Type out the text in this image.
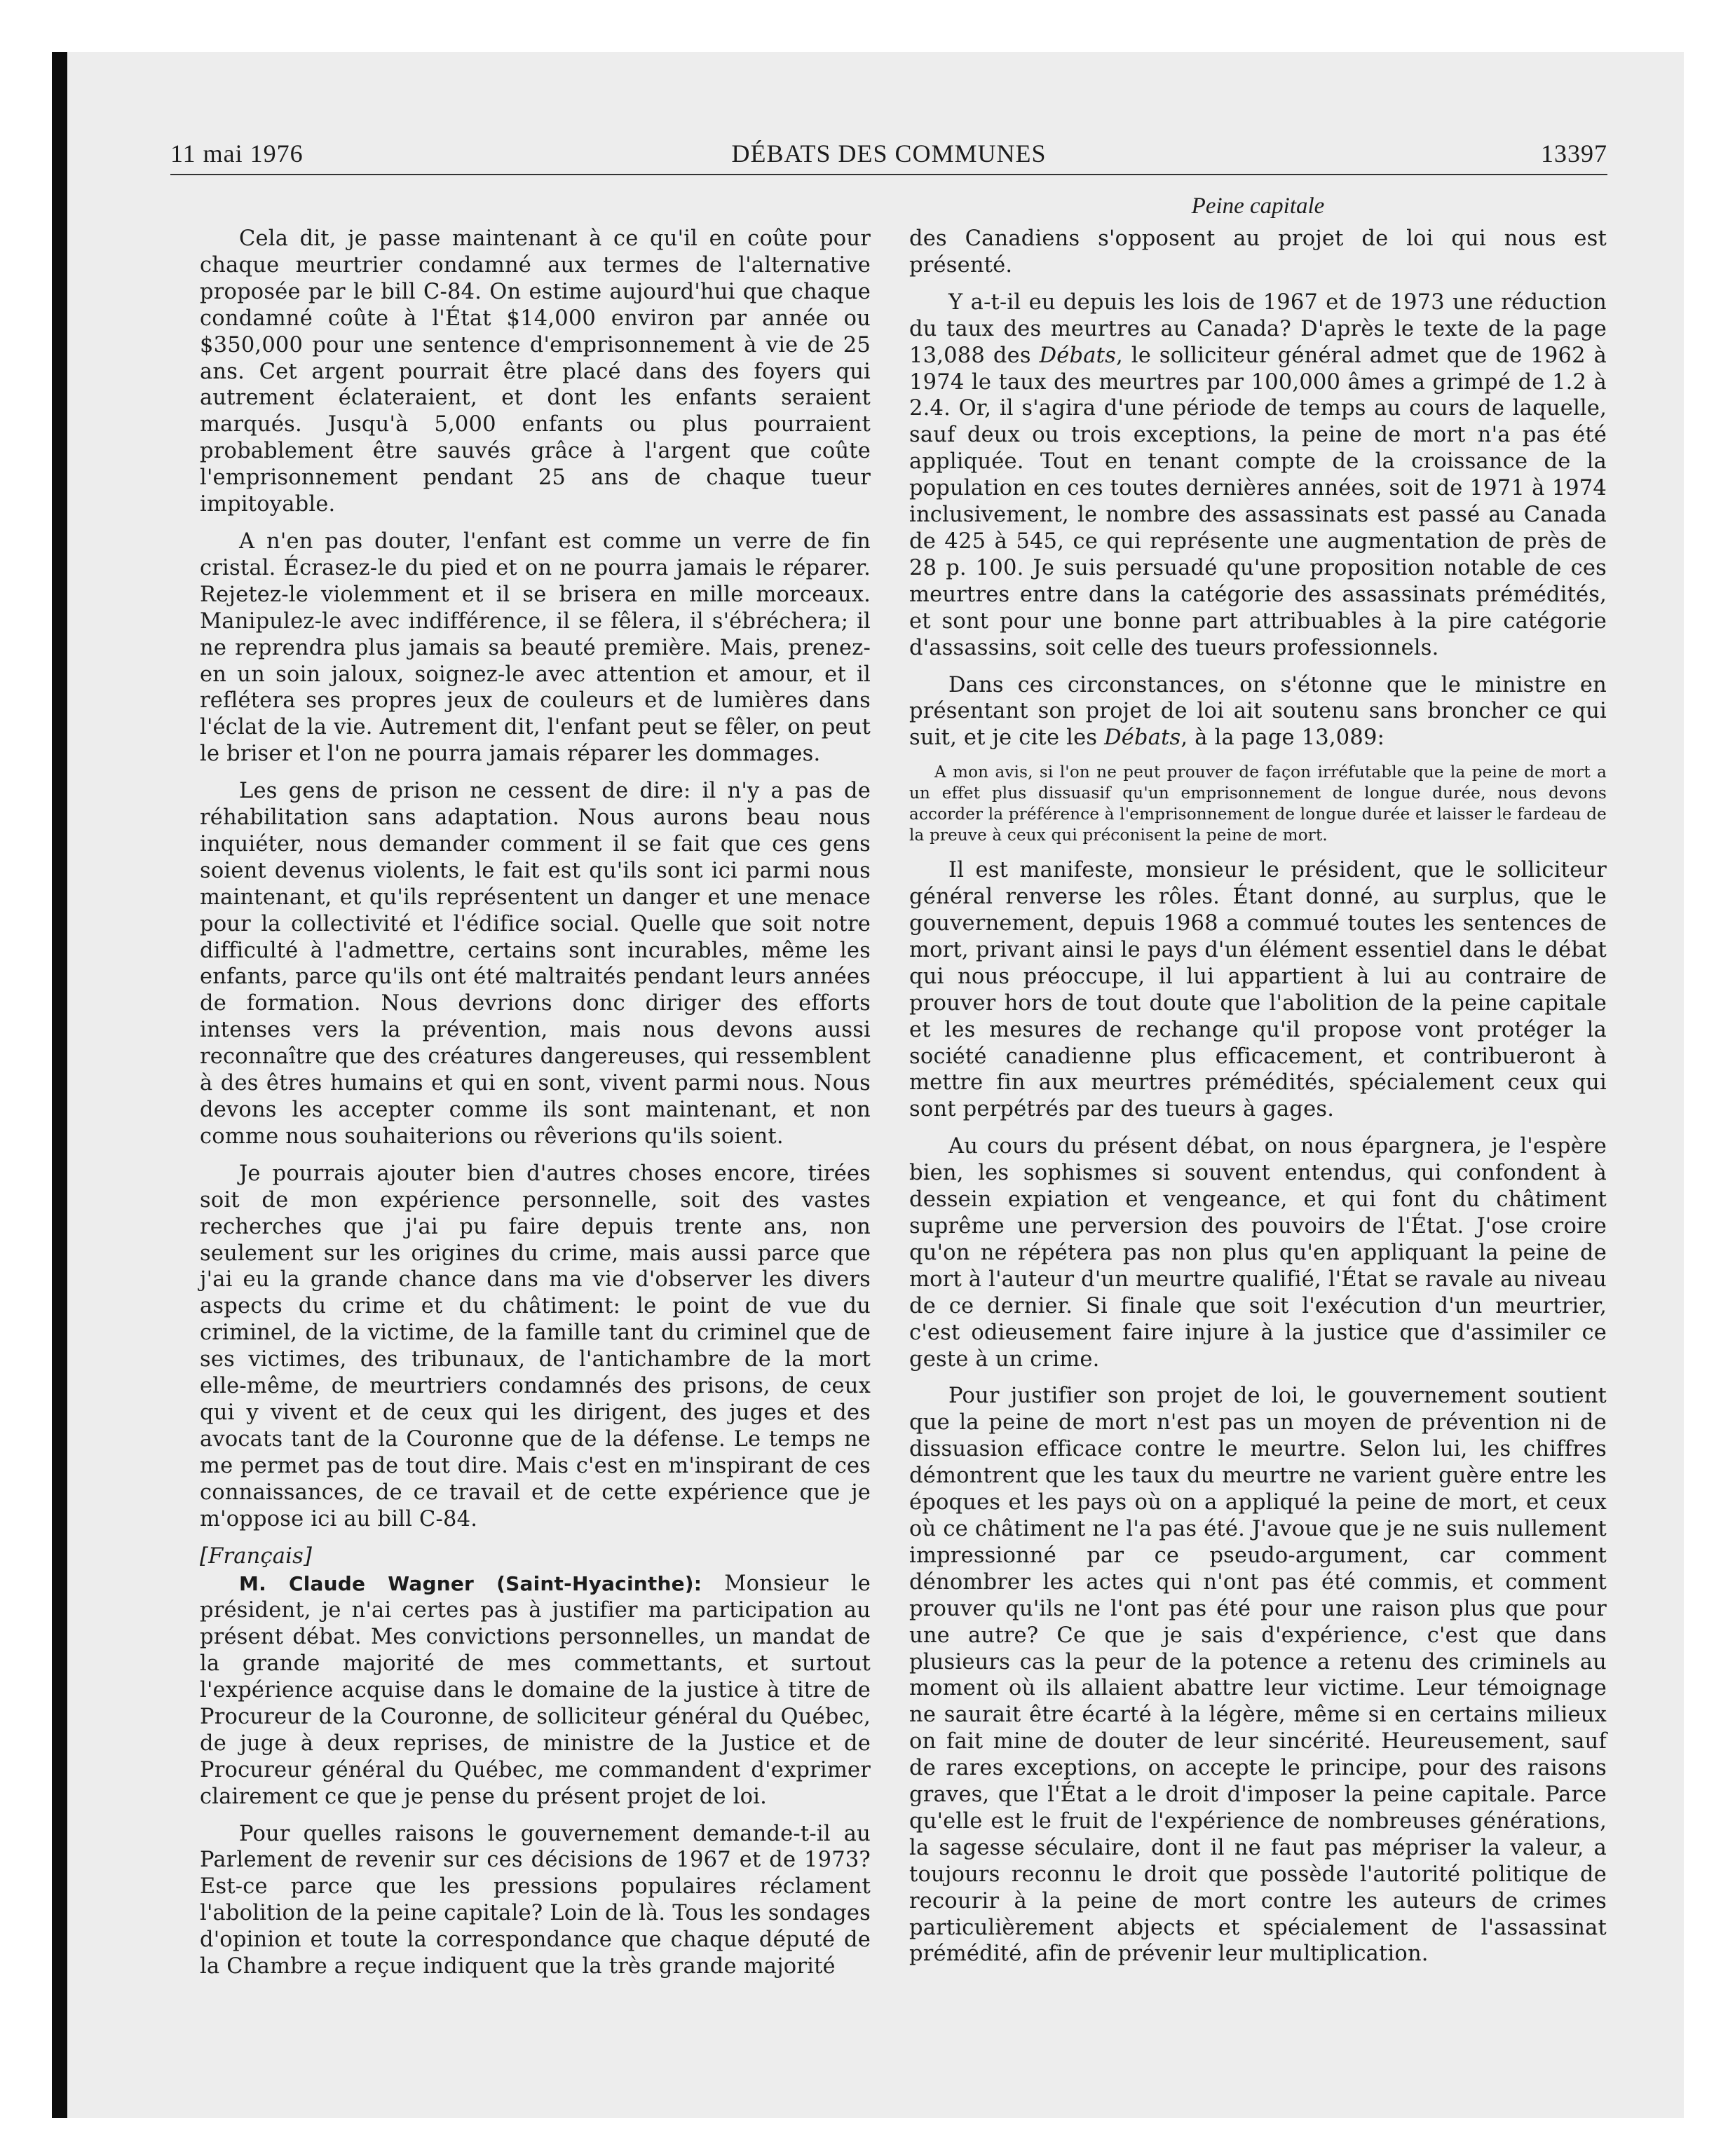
11 mai 1976	DÉBATS DES COMMUNES	13397
Peine capitale

Cela dit, je passe maintenant à ce qu'il en coûte pour chaque meurtrier condamné aux termes de l'alternative proposée par le bill C-84. On estime aujourd'hui que chaque condamné coûte à l'État $14,000 environ par année ou $350,000 pour une sentence d'emprisonnement à vie de 25 ans. Cet argent pourrait être placé dans des foyers qui autrement éclateraient, et dont les enfants seraient marqués. Jusqu'à 5,000 enfants ou plus pourraient probablement être sauvés grâce à l'argent que coûte l'emprisonnement pendant 25 ans de chaque tueur impitoyable.

A n'en pas douter, l'enfant est comme un verre de fin cristal. Écrasez-le du pied et on ne pourra jamais le réparer. Rejetez-le violemment et il se brisera en mille morceaux. Manipulez-le avec indifférence, il se fêlera, il s'ébréchera; il ne reprendra plus jamais sa beauté première. Mais, prenez-en un soin jaloux, soignez-le avec attention et amour, et il reflétera ses propres jeux de couleurs et de lumières dans l'éclat de la vie. Autrement dit, l'enfant peut se fêler, on peut le briser et l'on ne pourra jamais réparer les dommages.

Les gens de prison ne cessent de dire: il n'y a pas de réhabilitation sans adaptation. Nous aurons beau nous inquiéter, nous demander comment il se fait que ces gens soient devenus violents, le fait est qu'ils sont ici parmi nous maintenant, et qu'ils représentent un danger et une menace pour la collectivité et l'édifice social. Quelle que soit notre difficulté à l'admettre, certains sont incurables, même les enfants, parce qu'ils ont été maltraités pendant leurs années de formation. Nous devrions donc diriger des efforts intenses vers la prévention, mais nous devons aussi reconnaître que des créatures dangereuses, qui ressemblent à des êtres humains et qui en sont, vivent parmi nous. Nous devons les accepter comme ils sont maintenant, et non comme nous souhaiterions ou rêverions qu'ils soient.

Je pourrais ajouter bien d'autres choses encore, tirées soit de mon expérience personnelle, soit des vastes recherches que j'ai pu faire depuis trente ans, non seulement sur les origines du crime, mais aussi parce que j'ai eu la grande chance dans ma vie d'observer les divers aspects du crime et du châtiment: le point de vue du criminel, de la victime, de la famille tant du criminel que de ses victimes, des tribunaux, de l'antichambre de la mort elle-même, de meurtriers condamnés des prisons, de ceux qui y vivent et de ceux qui les dirigent, des juges et des avocats tant de la Couronne que de la défense. Le temps ne me permet pas de tout dire. Mais c'est en m'inspirant de ces connaissances, de ce travail et de cette expérience que je m'oppose ici au bill C-84.

[Français]

M. Claude Wagner (Saint-Hyacinthe): Monsieur le président, je n'ai certes pas à justifier ma participation au présent débat. Mes convictions personnelles, un mandat de la grande majorité de mes commettants, et surtout l'expérience acquise dans le domaine de la justice à titre de Procureur de la Couronne, de solliciteur général du Québec, de juge à deux reprises, de ministre de la Justice et de Procureur général du Québec, me commandent d'exprimer clairement ce que je pense du présent projet de loi.

Pour quelles raisons le gouvernement demande-t-il au Parlement de revenir sur ces décisions de 1967 et de 1973? Est-ce parce que les pressions populaires réclament l'abolition de la peine capitale? Loin de là. Tous les sondages d'opinion et toute la correspondance que chaque député de la Chambre a reçue indiquent que la très grande majorité

des Canadiens s'opposent au projet de loi qui nous est présenté.

Y a-t-il eu depuis les lois de 1967 et de 1973 une réduction du taux des meurtres au Canada? D'après le texte de la page 13,088 des Débats, le solliciteur général admet que de 1962 à 1974 le taux des meurtres par 100,000 âmes a grimpé de 1.2 à 2.4. Or, il s'agira d'une période de temps au cours de laquelle, sauf deux ou trois exceptions, la peine de mort n'a pas été appliquée. Tout en tenant compte de la croissance de la population en ces toutes dernières années, soit de 1971 à 1974 inclusivement, le nombre des assassinats est passé au Canada de 425 à 545, ce qui représente une augmentation de près de 28 p. 100. Je suis persuadé qu'une proposition notable de ces meurtres entre dans la catégorie des assassinats prémédités, et sont pour une bonne part attribuables à la pire catégorie d'assassins, soit celle des tueurs professionnels.

Dans ces circonstances, on s'étonne que le ministre en présentant son projet de loi ait soutenu sans broncher ce qui suit, et je cite les Débats, à la page 13,089:

A mon avis, si l'on ne peut prouver de façon irréfutable que la peine de mort a un effet plus dissuasif qu'un emprisonnement de longue durée, nous devons accorder la préférence à l'emprisonnement de longue durée et laisser le fardeau de la preuve à ceux qui préconisent la peine de mort.

Il est manifeste, monsieur le président, que le solliciteur général renverse les rôles. Étant donné, au surplus, que le gouvernement, depuis 1968 a commué toutes les sentences de mort, privant ainsi le pays d'un élément essentiel dans le débat qui nous préoccupe, il lui appartient à lui au contraire de prouver hors de tout doute que l'abolition de la peine capitale et les mesures de rechange qu'il propose vont protéger la société canadienne plus efficacement, et contribueront à mettre fin aux meurtres prémédités, spécialement ceux qui sont perpétrés par des tueurs à gages.

Au cours du présent débat, on nous épargnera, je l'espère bien, les sophismes si souvent entendus, qui confondent à dessein expiation et vengeance, et qui font du châtiment suprême une perversion des pouvoirs de l'État. J'ose croire qu'on ne répétera pas non plus qu'en appliquant la peine de mort à l'auteur d'un meurtre qualifié, l'État se ravale au niveau de ce dernier. Si finale que soit l'exécution d'un meurtrier, c'est odieusement faire injure à la justice que d'assimiler ce geste à un crime.

Pour justifier son projet de loi, le gouvernement soutient que la peine de mort n'est pas un moyen de prévention ni de dissuasion efficace contre le meurtre. Selon lui, les chiffres démontrent que les taux du meurtre ne varient guère entre les époques et les pays où on a appliqué la peine de mort, et ceux où ce châtiment ne l'a pas été. J'avoue que je ne suis nullement impressionné par ce pseudo-argument, car comment dénombrer les actes qui n'ont pas été commis, et comment prouver qu'ils ne l'ont pas été pour une raison plus que pour une autre? Ce que je sais d'expérience, c'est que dans plusieurs cas la peur de la potence a retenu des criminels au moment où ils allaient abattre leur victime. Leur témoignage ne saurait être écarté à la légère, même si en certains milieux on fait mine de douter de leur sincérité. Heureusement, sauf de rares exceptions, on accepte le principe, pour des raisons graves, que l'État a le droit d'imposer la peine capitale. Parce qu'elle est le fruit de l'expérience de nombreuses générations, la sagesse séculaire, dont il ne faut pas mépriser la valeur, a toujours reconnu le droit que possède l'autorité politique de recourir à la peine de mort contre les auteurs de crimes particulièrement abjects et spécialement de l'assassinat prémédité, afin de prévenir leur multiplication.
